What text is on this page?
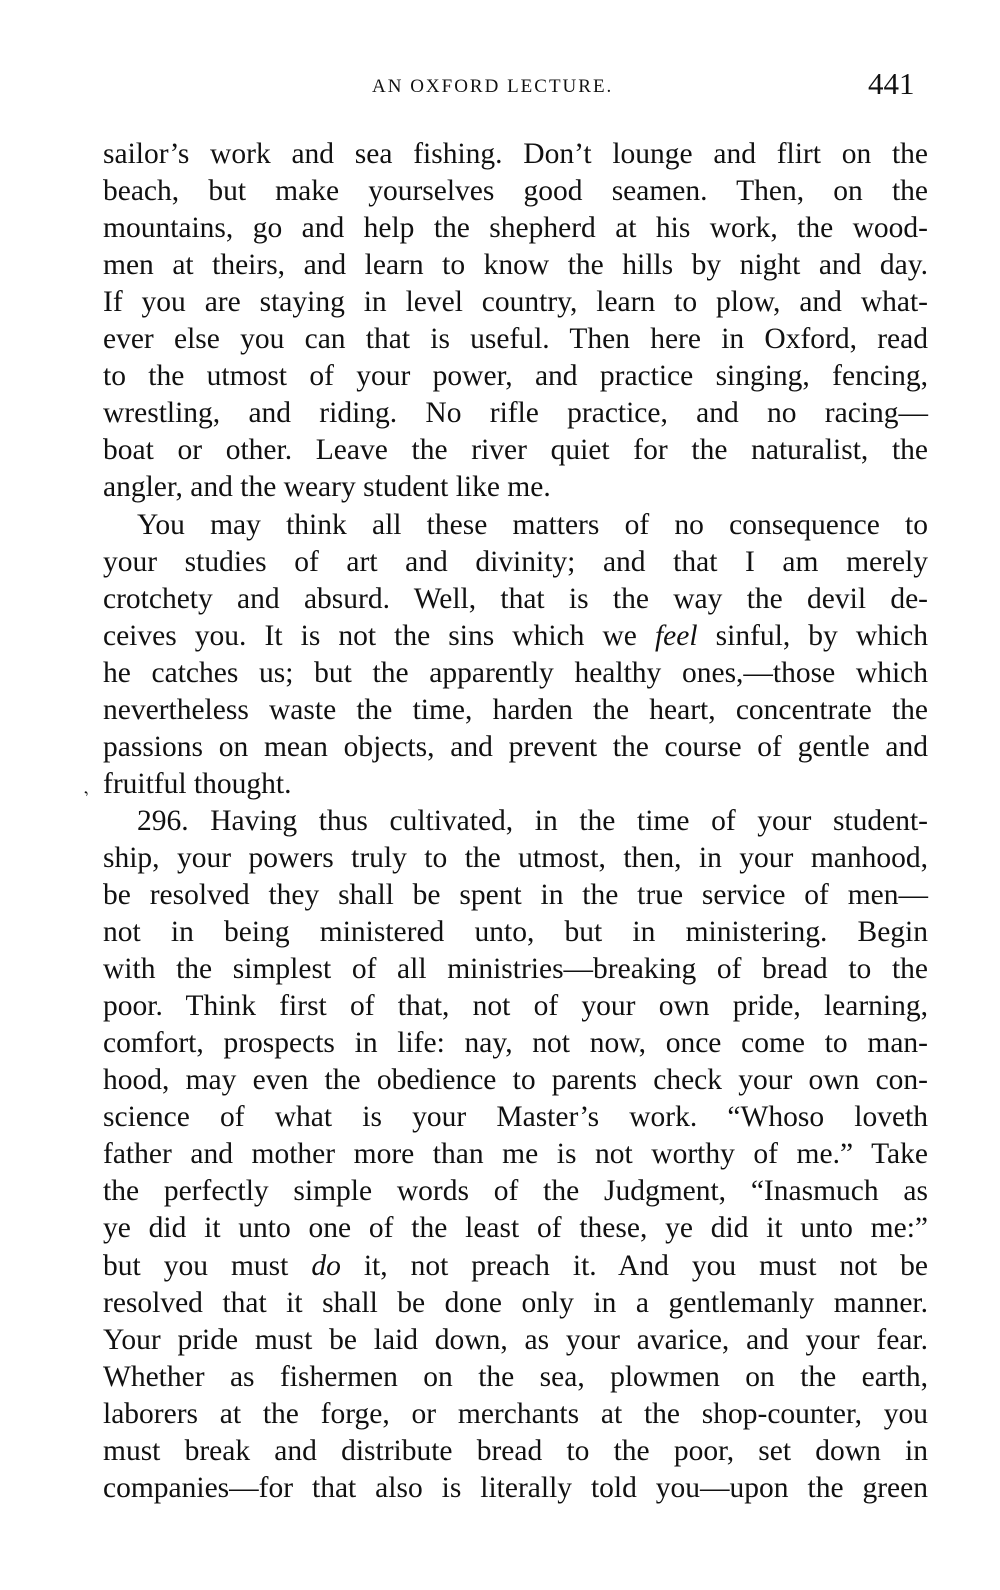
AN OXFORD LECTURE.	441
‚
sailor’s work and sea fishing. Don’t lounge and flirt on the
beach, but make yourselves good seamen. Then, on the
mountains, go and help the shepherd at his work, the wood-
men at theirs, and learn to know the hills by night and day.
If you are staying in level country, learn to plow, and what-
ever else you can that is useful. Then here in Oxford, read
to the utmost of your power, and practice singing, fencing,
wrestling, and riding. No rifle practice, and no racing—
boat or other. Leave the river quiet for the naturalist, the
angler, and the weary student like me.
You may think all these matters of no consequence to
your studies of art and divinity; and that I am merely
crotchety and absurd. Well, that is the way the devil de-
ceives you. It is not the sins which we feel sinful, by which
he catches us; but the apparently healthy ones,—those which
nevertheless waste the time, harden the heart, concentrate the
passions on mean objects, and prevent the course of gentle and
fruitful thought.
296. Having thus cultivated, in the time of your student-
ship, your powers truly to the utmost, then, in your manhood,
be resolved they shall be spent in the true service of men—
not in being ministered unto, but in ministering. Begin
with the simplest of all ministries—breaking of bread to the
poor. Think first of that, not of your own pride, learning,
comfort, prospects in life: nay, not now, once come to man-
hood, may even the obedience to parents check your own con-
science of what is your Master’s work. “Whoso loveth
father and mother more than me is not worthy of me.” Take
the perfectly simple words of the Judgment, “Inasmuch as
ye did it unto one of the least of these, ye did it unto me:”
but you must do it, not preach it. And you must not be
resolved that it shall be done only in a gentlemanly manner.
Your pride must be laid down, as your avarice, and your fear.
Whether as fishermen on the sea, plowmen on the earth,
laborers at the forge, or merchants at the shop-counter, you
must break and distribute bread to the poor, set down in
companies—for that also is literally told you—upon the green
